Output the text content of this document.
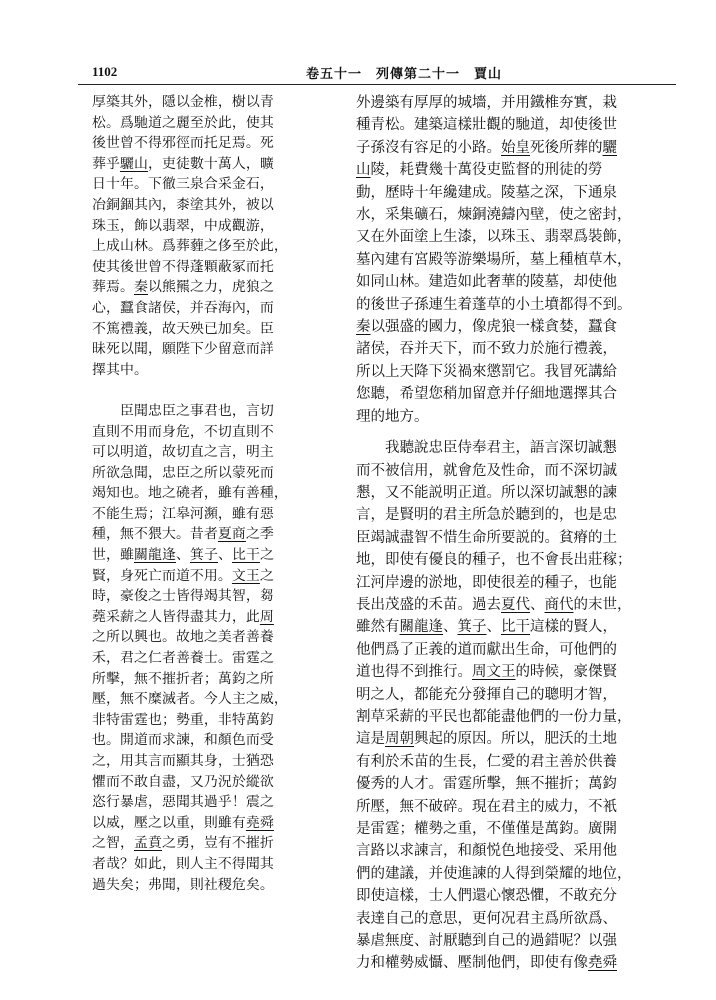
1102	卷五十一　列傳第二十一　賈山
厚築其外，隱以金椎，樹以青
松。爲馳道之麗至於此，使其
後世曾不得邪徑而托足焉。死
葬乎驪山，吏徒數十萬人，曠
日十年。下徹三泉合采金石，
冶銅錮其內，桼塗其外，被以
珠玉，飾以翡翠，中成觀游，
上成山林。爲葬薶之侈至於此，
使其後世曾不得蓬顆蔽冢而托
葬焉。秦以熊羆之力，虎狼之
心，蠶食諸侯，并吞海內，而
不篤禮義，故天殃已加矣。臣
昧死以聞，願陛下少留意而詳
擇其中。

　　臣聞忠臣之事君也，言切
直則不用而身危，不切直則不
可以明道，故切直之言，明主
所欲急聞，忠臣之所以蒙死而
竭知也。地之磽者，雖有善種，
不能生焉；江皋河瀕，雖有惡
種，無不猥大。昔者夏商之季
世，雖關龍逢、箕子、比干之
賢，身死亡而道不用。文王之
時，豪俊之士皆得竭其智，芻
蕘采薪之人皆得盡其力，此周
之所以興也。故地之美者善養
禾，君之仁者善養士。雷霆之
所擊，無不摧折者；萬鈞之所
壓，無不糜滅者。今人主之威，
非特雷霆也；勢重，非特萬鈞
也。開道而求諫，和顏色而受
之，用其言而顯其身，士猶恐
懼而不敢自盡，又乃況於縱欲
恣行暴虐，惡聞其過乎！震之
以威，壓之以重，則雖有堯舜
之智，孟賁之勇，豈有不摧折
者哉？如此，則人主不得聞其
過失矣；弗聞，則社稷危矣。
外邊築有厚厚的城墻，并用鐵椎夯實，栽
種青松。建築這樣壯觀的馳道，却使後世
子孫沒有容足的小路。始皇死後所葬的驪
山陵，耗費幾十萬役吏監督的刑徒的勞
動，歷時十年纔建成。陵墓之深，下通泉
水，采集礦石，煉銅澆鑄內壁，使之密封，
又在外面塗上生漆，以珠玉、翡翠爲裝飾，
墓內建有宮殿等游樂場所，墓上種植草木，
如同山林。建造如此奢華的陵墓，却使他
的後世子孫連生着蓬草的小土墳都得不到。
秦以强盛的國力，像虎狼一樣貪婪，蠶食
諸侯，吞并天下，而不致力於施行禮義，
所以上天降下災禍來懲罰它。我冒死講給
您聽，希望您稍加留意并仔細地選擇其合
理的地方。
　　我聽說忠臣侍奉君主，語言深切誠懇
而不被信用，就會危及性命，而不深切誠
懇，又不能説明正道。所以深切誠懇的諫
言，是賢明的君主所急於聽到的，也是忠
臣竭誠盡智不惜生命所要説的。貧瘠的土
地，即使有優良的種子，也不會長出莊稼；
江河岸邊的淤地，即使很差的種子，也能
長出茂盛的禾苗。過去夏代、商代的末世，
雖然有關龍逢、箕子、比干這樣的賢人，
他們爲了正義的道而獻出生命，可他們的
道也得不到推行。周文王的時候，豪傑賢
明之人，都能充分發揮自己的聰明才智，
割草采薪的平民也都能盡他們的一份力量，
這是周朝興起的原因。所以，肥沃的土地
有利於禾苗的生長，仁愛的君主善於供養
優秀的人才。雷霆所擊，無不摧折；萬鈞
所壓，無不破碎。現在君主的威力，不衹
是雷霆；權勢之重，不僅僅是萬鈞。廣開
言路以求諫言，和顏悦色地接受、采用他
們的建議，并使進諫的人得到榮耀的地位，
即使這樣，士人們還心懷恐懼，不敢充分
表達自己的意思，更何况君主爲所欲爲、
暴虐無度、討厭聽到自己的過錯呢？以强
力和權勢威懾、壓制他們，即使有像堯舜
